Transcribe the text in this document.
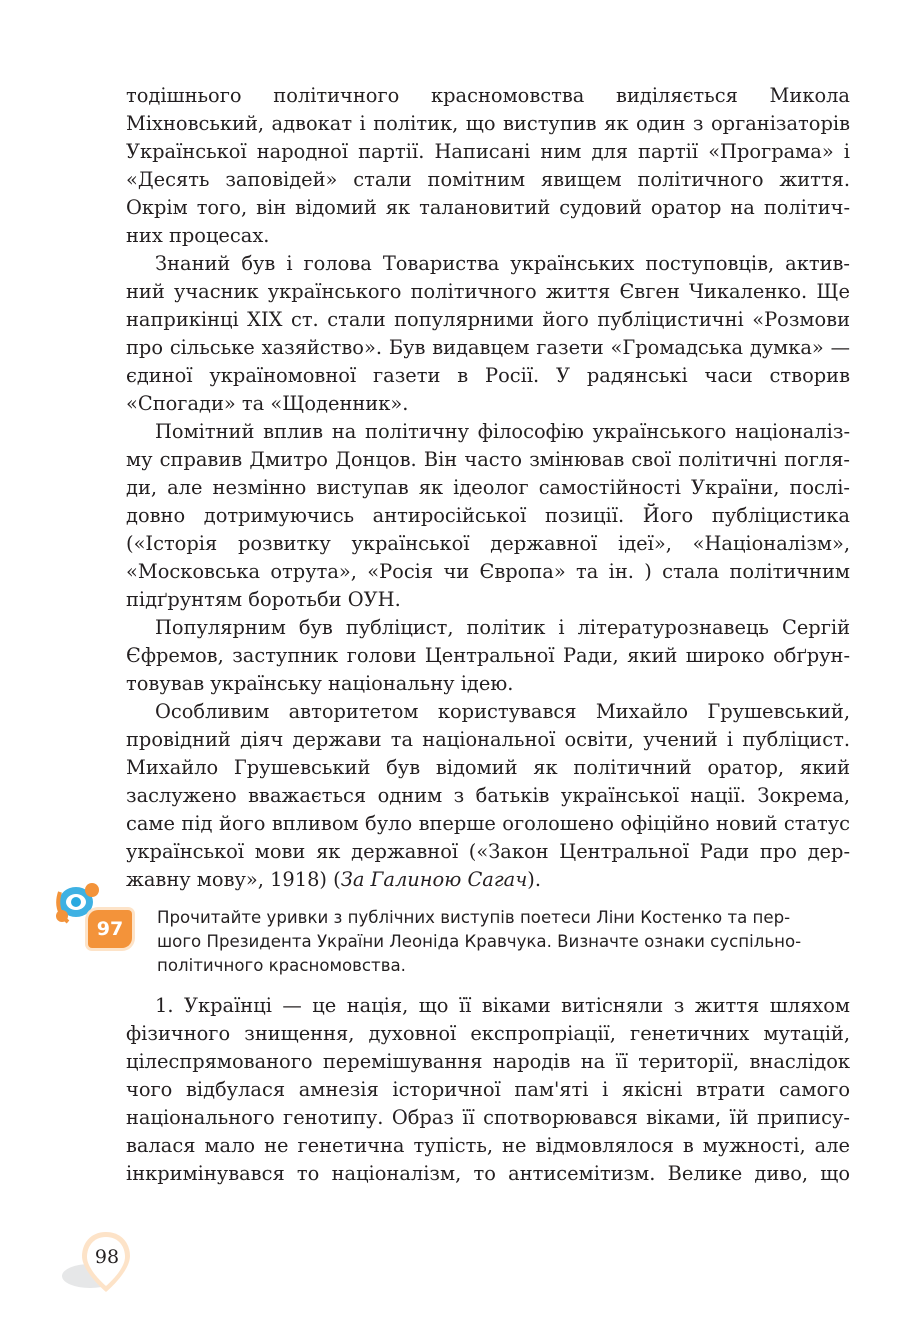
тодішнього політичного красномовства виділяється Микола
Міхновський, адвокат і політик, що виступив як один з організаторів
Української народної партії. Написані ним для партії «Програма» і
«Десять заповідей» стали помітним явищем політичного життя.
Окрім того, він відомий як талановитий судовий оратор на політич-
них процесах.
Знаний був і голова Товариства українських поступовців, актив-
ний учасник українського політичного життя Євген Чикаленко. Ще
наприкінці XIX ст. стали популярними його публіцистичні «Розмови
про сільське хазяйство». Був видавцем газети «Громадська думка» —
єдиної україномовної газети в Росії. У радянські часи створив
«Спогади» та «Щоденник».
Помітний вплив на політичну філософію українського націоналіз-
му справив Дмитро Донцов. Він часто змінював свої політичні погля-
ди, але незмінно виступав як ідеолог самостійності України, послі-
довно дотримуючись антиросійської позиції. Його публіцистика
(«Історія розвитку української державної ідеї», «Націоналізм»,
«Московська отрута», «Росія чи Європа» та ін. ) стала політичним
підґрунтям боротьби ОУН.
Популярним був публіцист, політик і літературознавець Сергій
Єфремов, заступник голови Центральної Ради, який широко обґрун-
товував українську національну ідею.
Особливим авторитетом користувався Михайло Грушевський,
провідний діяч держави та національної освіти, учений і публіцист.
Михайло Грушевський був відомий як політичний оратор, який
заслужено вважається одним з батьків української нації. Зокрема,
саме під його впливом було вперше оголошено офіційно новий статус
української мови як державної («Закон Центральної Ради про дер-
жавну мову», 1918) (За Галиною Сагач).
97
Прочитайте уривки з публічних виступів поетеси Ліни Костенко та пер-
шого Президента України Леоніда Кравчука. Визначте ознаки суспільно-
політичного красномовства.
1. Українці — це нація, що її віками витісняли з життя шляхом
фізичного знищення, духовної експропріації, генетичних мутацій,
цілеспрямованого перемішування народів на її території, внаслідок
чого відбулася амнезія історичної пам'яті і якісні втрати самого
національного генотипу. Образ її спотворювався віками, їй припису-
валася мало не генетична тупість, не відмовлялося в мужності, але
інкримінувався то націоналізм, то антисемітизм. Велике диво, що
98
